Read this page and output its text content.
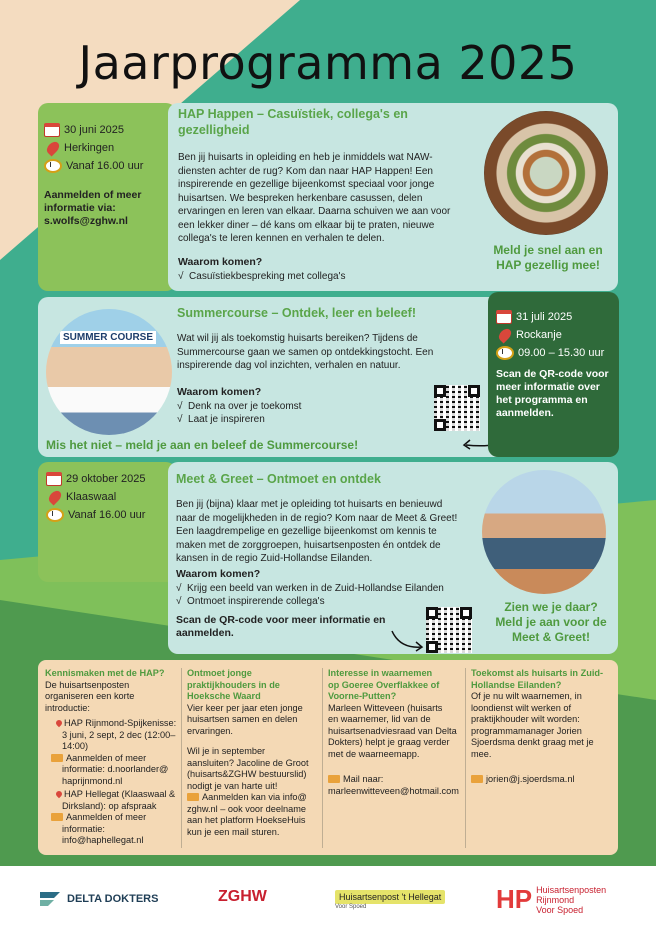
Jaarprogramma 2025
30 juni 2025
Herkingen
Vanaf 16.00 uur
Aanmelden of meer informatie via:
s.wolfs@zghw.nl
HAP Happen – Casuïstiek, collega's en
gezelligheid
Ben jij huisarts in opleiding en heb je inmiddels wat NAW-
diensten achter de rug? Kom dan naar HAP Happen! Een
inspirerende en gezellige bijeenkomst speciaal voor jonge
huisartsen. We bespreken herkenbare casussen, delen
ervaringen en leren van elkaar. Daarna schuiven we aan voor
een lekker diner – dé kans om elkaar bij te praten, nieuwe
collega's te leren kennen en verhalen te delen.
Waarom komen?
√  Casuïstiekbespreking met collega's
Meld je snel aan en
HAP gezellig mee!
SUMMER COURSE
Summercourse – Ontdek, leer en beleef!
Wat wil jij als toekomstig huisarts bereiken? Tijdens de
Summercourse gaan we samen op ontdekkingstocht. Een
inspirerende dag vol inzichten, verhalen en natuur.
Waarom komen?
√  Denk na over je toekomst
√  Laat je inspireren
Mis het niet – meld je aan en beleef de Summercourse!
31 juli 2025
Rockanje
09.00 – 15.30 uur
Scan de QR-code voor
meer informatie over
het programma en
aanmelden.
29 oktober 2025
Klaaswaal
Vanaf 16.00 uur
Meet & Greet – Ontmoet en ontdek
Ben jij (bijna) klaar met je opleiding tot huisarts en benieuwd
naar de mogelijkheden in de regio? Kom naar de Meet & Greet!
Een laagdrempelige en gezellige bijeenkomst om kennis te
maken met de zorggroepen, huisartsenposten én ontdek de
kansen in de regio Zuid-Hollandse Eilanden.
Waarom komen?
√  Krijg een beeld van werken in de Zuid-Hollandse Eilanden
√  Ontmoet inspirerende collega's
Scan de QR-code voor meer informatie en
aanmelden.
Zien we je daar?
Meld je aan voor de
Meet & Greet!
Kennismaken met de HAP?
De huisartsenposten
organiseren een korte
introductie:
HAP Rijnmond-Spijkenisse:
3 juni, 2 sept, 2 dec (12:00–
14:00)
Aanmelden of meer
informatie: d.noorlander@
haprijnmond.nl
HAP Hellegat (Klaaswaal &
Dirksland): op afspraak
Aanmelden of meer
informatie: info@haphellegat.nl
Ontmoet jonge
praktijkhouders in de
Hoeksche Waard
Vier keer per jaar eten jonge
huisartsen samen en delen
ervaringen.
Wil je in september
aansluiten? Jacoline de Groot
(huisarts&ZGHW bestuurslid)
nodigt je van harte uit!
Aanmelden kan via info@
zghw.nl – ook voor deelname
aan het platform HoekseHuis
kun je een mail sturen.
Interesse in waarnemen
op Goeree Overflakkee of
Voorne-Putten?
Marleen Witteveen (huisarts
en waarnemer, lid van de
huisartsenadviesraad van Delta
Dokters) helpt je graag verder
met de waarneemapp.
Mail naar:
marleenwitteveen@hotmail.com
Toekomst als huisarts in Zuid-
Hollandse Eilanden?
Of je nu wilt waarnemen, in
loondienst wilt werken of
praktijkhouder wilt worden:
programmamanager Jorien
Sjoerdsma denkt graag met je
mee.
jorien@j.sjoerdsma.nl
DELTA DOKTERS	ZGHW	Huisartsenpost 't Hellegat
Voor Spoed	HP Huisartsenposten
Rijnmond
Voor Spoed
